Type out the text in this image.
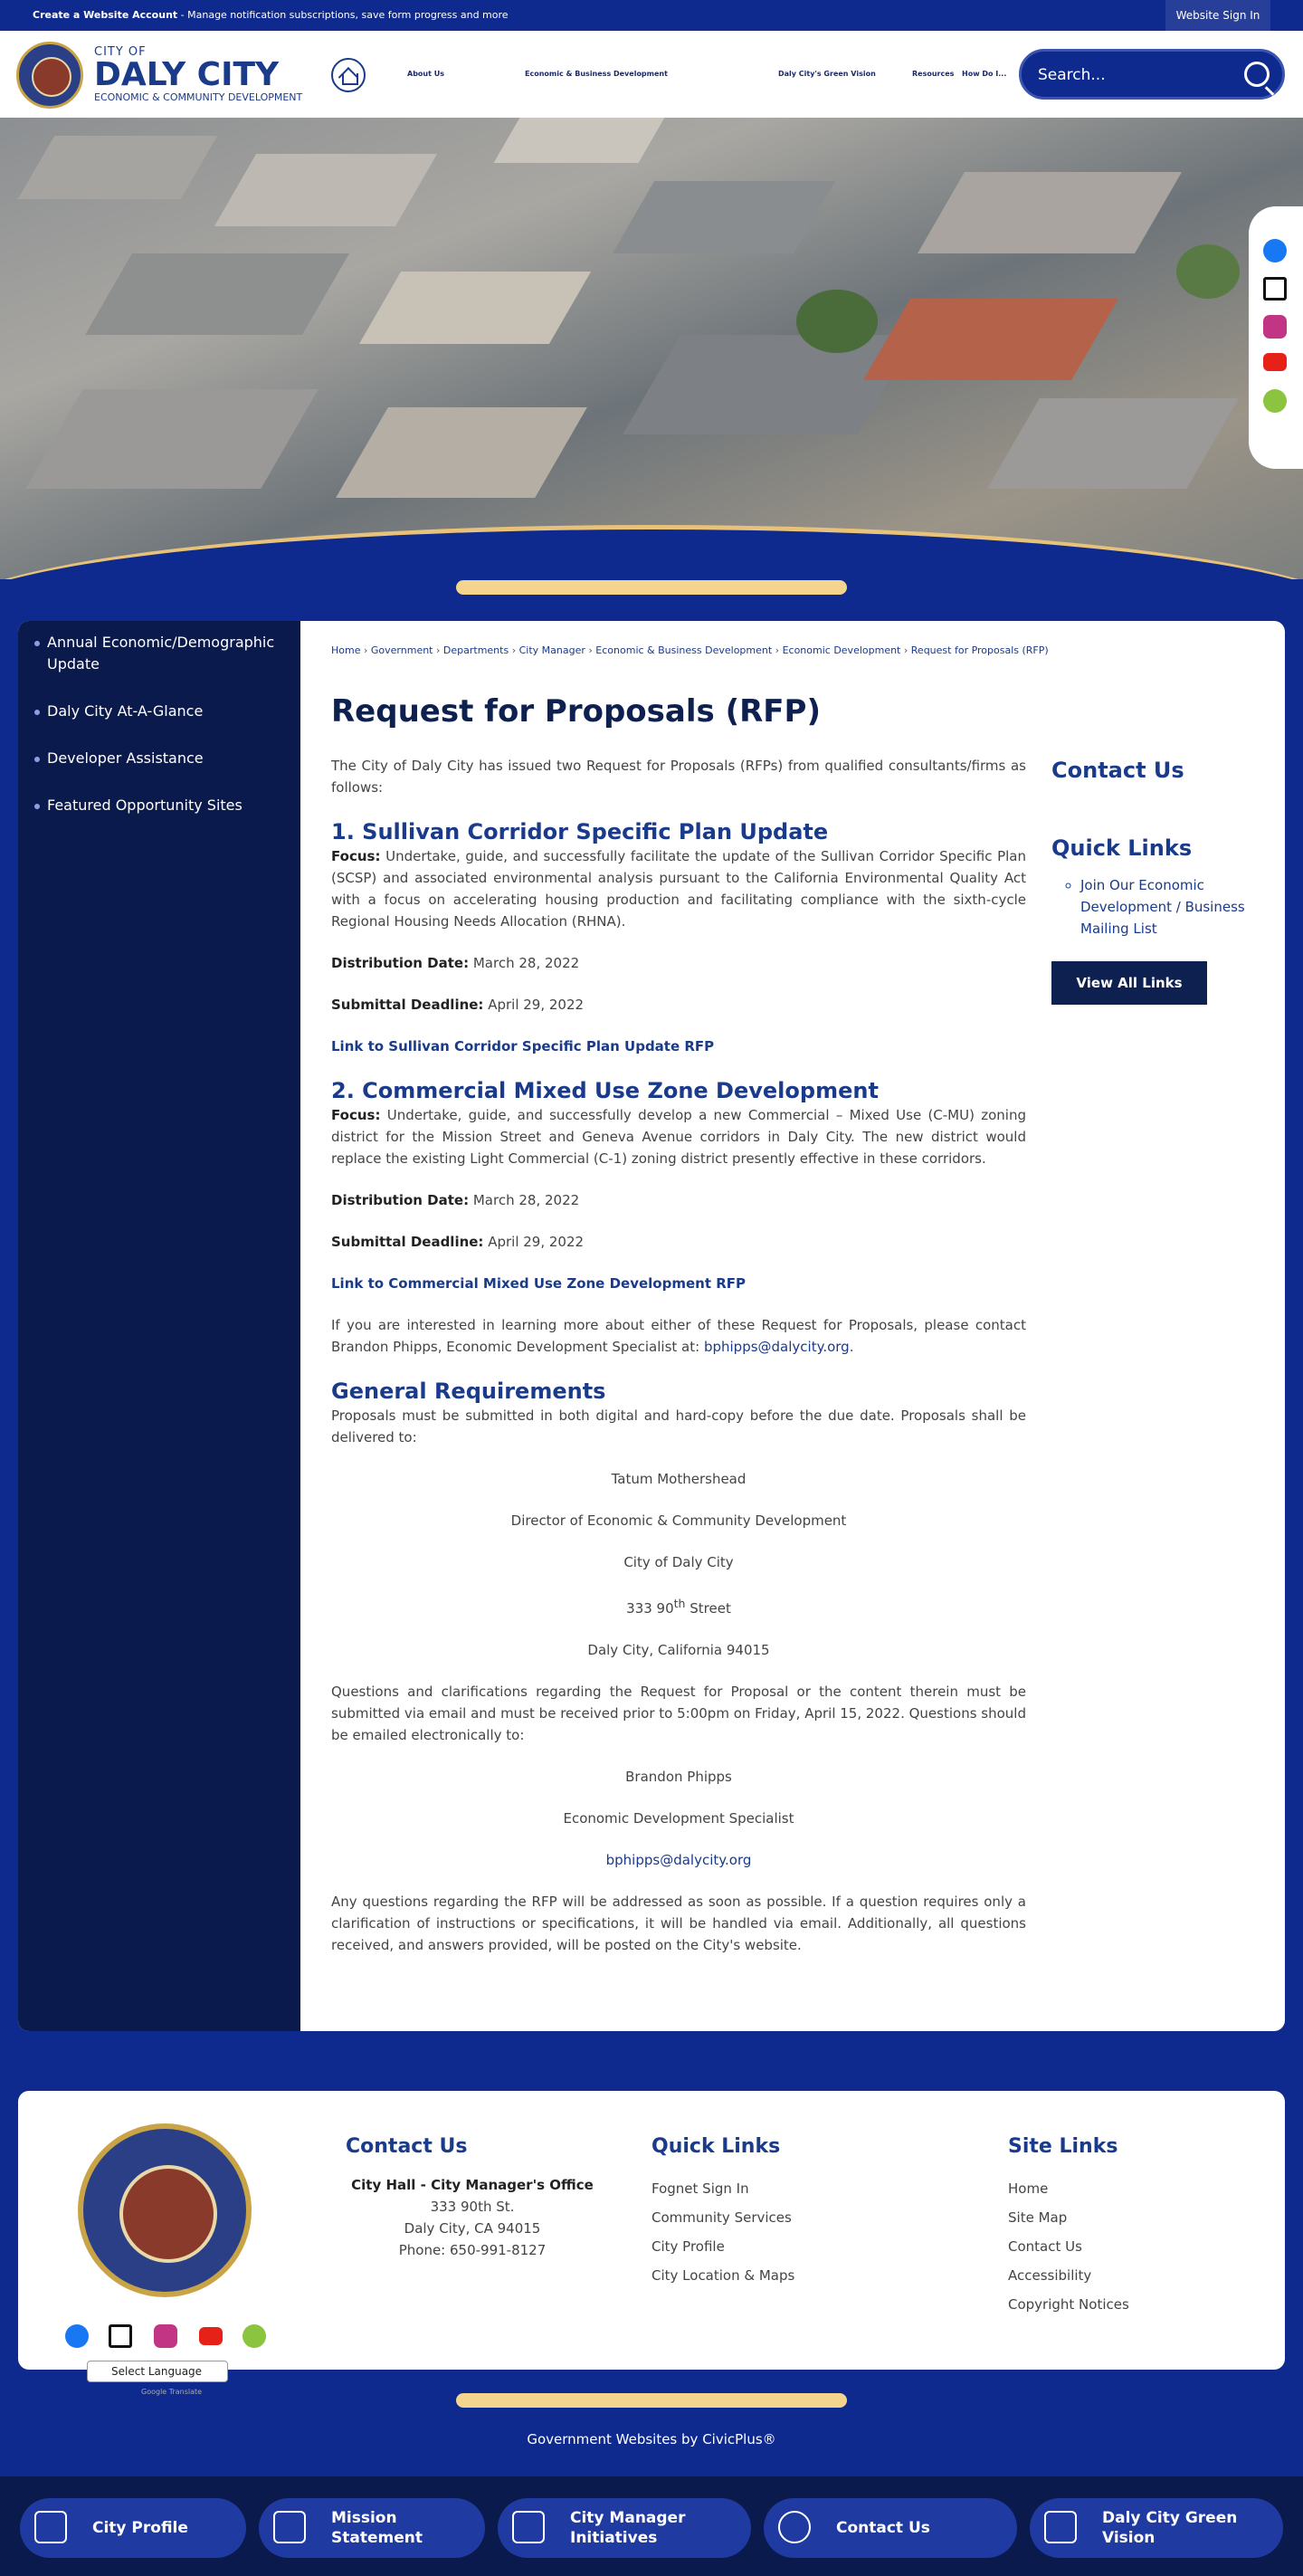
Create a Website Account - Manage notification subscriptions, save form progress and more	Website Sign In
CITY OF
DALY CITY
ECONOMIC & COMMUNITY DEVELOPMENT
About Us	Economic & Business Development	Daly City's Green Vision	Resources How Do I...
Search...
Annual Economic/Demographic Update
Daly City At-A-Glance
Developer Assistance
Featured Opportunity Sites
Home › Government › Departments › City Manager › Economic & Business Development › Economic Development › Request for Proposals (RFP)
Request for Proposals (RFP)

The City of Daly City has issued two Request for Proposals (RFPs) from qualified consultants/firms as follows:

1. Sullivan Corridor Specific Plan Update

Focus: Undertake, guide, and successfully facilitate the update of the Sullivan Corridor Specific Plan (SCSP) and associated environmental analysis pursuant to the California Environmental Quality Act with a focus on accelerating housing production and facilitating compliance with the sixth-cycle Regional Housing Needs Allocation (RHNA).

Distribution Date: March 28, 2022

Submittal Deadline: April 29, 2022

Link to Sullivan Corridor Specific Plan Update RFP

2. Commercial Mixed Use Zone Development

Focus: Undertake, guide, and successfully develop a new Commercial – Mixed Use (C-MU) zoning district for the Mission Street and Geneva Avenue corridors in Daly City. The new district would replace the existing Light Commercial (C-1) zoning district presently effective in these corridors.

Distribution Date: March 28, 2022

Submittal Deadline: April 29, 2022

Link to Commercial Mixed Use Zone Development RFP

If you are interested in learning more about either of these Request for Proposals, please contact Brandon Phipps, Economic Development Specialist at: bphipps@dalycity.org.

General Requirements

Proposals must be submitted in both digital and hard-copy before the due date. Proposals shall be delivered to:

Tatum Mothershead

Director of Economic & Community Development

City of Daly City

333 90th Street

Daly City, California 94015

Questions and clarifications regarding the Request for Proposal or the content therein must be submitted via email and must be received prior to 5:00pm on Friday, April 15, 2022. Questions should be emailed electronically to:

Brandon Phipps

Economic Development Specialist

bphipps@dalycity.org

Any questions regarding the RFP will be addressed as soon as possible. If a question requires only a clarification of instructions or specifications, it will be handled via email. Additionally, all questions received, and answers provided, will be posted on the City's website.

Contact Us
Quick Links
◦ Join Our Economic Development / Business Mailing List
View All Links
Contact Us
City Hall - City Manager's Office
333 90th St.
Daly City, CA 94015
Phone: 650-991-8127
Quick Links
Fognet Sign In
Community Services
City Profile
City Location & Maps
Site Links
Home
Site Map
Contact Us
Accessibility
Copyright Notices
Select Language
Google Translate
Government Websites by CivicPlus®
City Profile
Mission Statement
City Manager Initiatives
Contact Us
Daly City Green Vision
